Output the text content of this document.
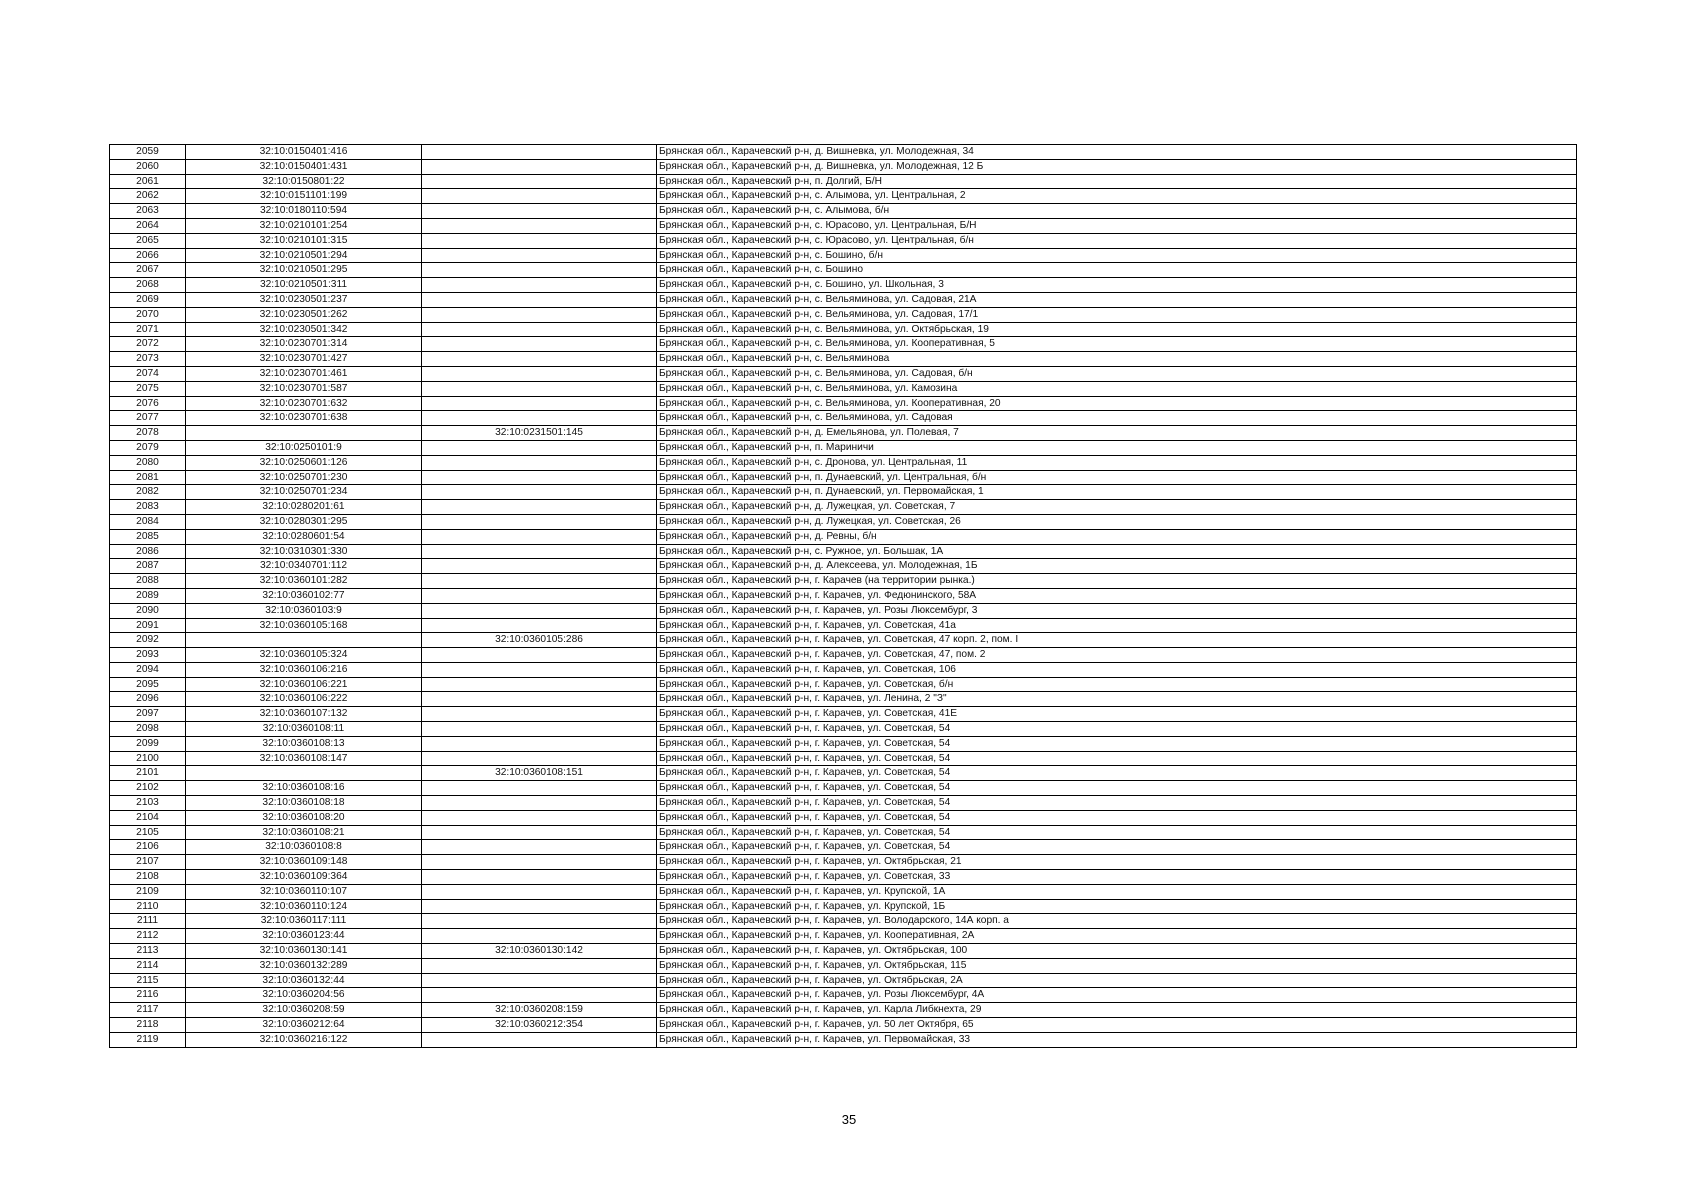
2059	32:10:0150401:416		Брянская обл., Карачевский р-н, д. Вишневка, ул. Молодежная, 34
2060	32:10:0150401:431		Брянская обл., Карачевский р-н, д. Вишневка, ул. Молодежная, 12 Б
2061	32:10:0150801:22		Брянская обл., Карачевский р-н, п. Долгий, Б/Н
2062	32:10:0151101:199		Брянская обл., Карачевский р-н, с. Алымова, ул. Центральная, 2
2063	32:10:0180110:594		Брянская обл., Карачевский р-н, с. Алымова, б/н
2064	32:10:0210101:254		Брянская обл., Карачевский р-н, с. Юрасово, ул. Центральная, Б/Н
2065	32:10:0210101:315		Брянская обл., Карачевский р-н, с. Юрасово, ул. Центральная, б/н
2066	32:10:0210501:294		Брянская обл., Карачевский р-н, с. Бошино, б/н
2067	32:10:0210501:295		Брянская обл., Карачевский р-н, с. Бошино
2068	32:10:0210501:311		Брянская обл., Карачевский р-н, с. Бошино, ул. Школьная, 3
2069	32:10:0230501:237		Брянская обл., Карачевский р-н, с. Вельяминова, ул. Садовая, 21А
2070	32:10:0230501:262		Брянская обл., Карачевский р-н, с. Вельяминова, ул. Садовая, 17/1
2071	32:10:0230501:342		Брянская обл., Карачевский р-н, с. Вельяминова, ул. Октябрьская, 19
2072	32:10:0230701:314		Брянская обл., Карачевский р-н, с. Вельяминова, ул. Кооперативная, 5
2073	32:10:0230701:427		Брянская обл., Карачевский р-н, с. Вельяминова
2074	32:10:0230701:461		Брянская обл., Карачевский р-н, с. Вельяминова, ул. Садовая, б/н
2075	32:10:0230701:587		Брянская обл., Карачевский р-н, с. Вельяминова, ул. Камозина
2076	32:10:0230701:632		Брянская обл., Карачевский р-н, с. Вельяминова, ул. Кооперативная, 20
2077	32:10:0230701:638		Брянская обл., Карачевский р-н, с. Вельяминова, ул. Садовая
2078		32:10:0231501:145	Брянская обл., Карачевский р-н, д. Емельянова, ул. Полевая, 7
2079	32:10:0250101:9		Брянская обл., Карачевский р-н, п. Мариничи
2080	32:10:0250601:126		Брянская обл., Карачевский р-н, с. Дронова, ул. Центральная, 11
2081	32:10:0250701:230		Брянская обл., Карачевский р-н, п. Дунаевский, ул. Центральная, б/н
2082	32:10:0250701:234		Брянская обл., Карачевский р-н, п. Дунаевский, ул. Первомайская, 1
2083	32:10:0280201:61		Брянская обл., Карачевский р-н, д. Лужецкая, ул. Советская, 7
2084	32:10:0280301:295		Брянская обл., Карачевский р-н, д. Лужецкая, ул. Советская, 26
2085	32:10:0280601:54		Брянская обл., Карачевский р-н, д. Ревны, б/н
2086	32:10:0310301:330		Брянская обл., Карачевский р-н, с. Ружное, ул. Большак, 1А
2087	32:10:0340701:112		Брянская обл., Карачевский р-н, д. Алексеева, ул. Молодежная, 1Б
2088	32:10:0360101:282		Брянская обл., Карачевский р-н, г. Карачев (на территории рынка.)
2089	32:10:0360102:77		Брянская обл., Карачевский р-н, г. Карачев, ул. Федюнинского, 58А
2090	32:10:0360103:9		Брянская обл., Карачевский р-н, г. Карачев, ул. Розы Люксембург, 3
2091	32:10:0360105:168		Брянская обл., Карачевский р-н, г. Карачев, ул. Советская, 41а
2092		32:10:0360105:286	Брянская обл., Карачевский р-н, г. Карачев, ул. Советская, 47 корп. 2, пом. I
2093	32:10:0360105:324		Брянская обл., Карачевский р-н, г. Карачев, ул. Советская, 47, пом. 2
2094	32:10:0360106:216		Брянская обл., Карачевский р-н, г. Карачев, ул. Советская, 106
2095	32:10:0360106:221		Брянская обл., Карачевский р-н, г. Карачев, ул. Советская, б/н
2096	32:10:0360106:222		Брянская обл., Карачевский р-н, г. Карачев, ул. Ленина, 2 "З"
2097	32:10:0360107:132		Брянская обл., Карачевский р-н, г. Карачев, ул. Советская, 41Е
2098	32:10:0360108:11		Брянская обл., Карачевский р-н, г. Карачев, ул. Советская, 54
2099	32:10:0360108:13		Брянская обл., Карачевский р-н, г. Карачев, ул. Советская, 54
2100	32:10:0360108:147		Брянская обл., Карачевский р-н, г. Карачев, ул. Советская, 54
2101		32:10:0360108:151	Брянская обл., Карачевский р-н, г. Карачев, ул. Советская, 54
2102	32:10:0360108:16		Брянская обл., Карачевский р-н, г. Карачев, ул. Советская, 54
2103	32:10:0360108:18		Брянская обл., Карачевский р-н, г. Карачев, ул. Советская, 54
2104	32:10:0360108:20		Брянская обл., Карачевский р-н, г. Карачев, ул. Советская, 54
2105	32:10:0360108:21		Брянская обл., Карачевский р-н, г. Карачев, ул. Советская, 54
2106	32:10:0360108:8		Брянская обл., Карачевский р-н, г. Карачев, ул. Советская, 54
2107	32:10:0360109:148		Брянская обл., Карачевский р-н, г. Карачев, ул. Октябрьская, 21
2108	32:10:0360109:364		Брянская обл., Карачевский р-н, г. Карачев, ул. Советская, 33
2109	32:10:0360110:107		Брянская обл., Карачевский р-н, г. Карачев, ул. Крупской, 1А
2110	32:10:0360110:124		Брянская обл., Карачевский р-н, г. Карачев, ул. Крупской, 1Б
2111	32:10:0360117:111		Брянская обл., Карачевский р-н, г. Карачев, ул. Володарского, 14А корп. а
2112	32:10:0360123:44		Брянская обл., Карачевский р-н, г. Карачев, ул. Кооперативная, 2А
2113	32:10:0360130:141	32:10:0360130:142	Брянская обл., Карачевский р-н, г. Карачев, ул. Октябрьская, 100
2114	32:10:0360132:289		Брянская обл., Карачевский р-н, г. Карачев, ул. Октябрьская, 115
2115	32:10:0360132:44		Брянская обл., Карачевский р-н, г. Карачев, ул. Октябрьская, 2А
2116	32:10:0360204:56		Брянская обл., Карачевский р-н, г. Карачев, ул. Розы Люксембург, 4А
2117	32:10:0360208:59	32:10:0360208:159	Брянская обл., Карачевский р-н, г. Карачев, ул. Карла Либкнехта, 29
2118	32:10:0360212:64	32:10:0360212:354	Брянская обл., Карачевский р-н, г. Карачев, ул. 50 лет Октября, 65
2119	32:10:0360216:122		Брянская обл., Карачевский р-н, г. Карачев, ул. Первомайская, 33
35
